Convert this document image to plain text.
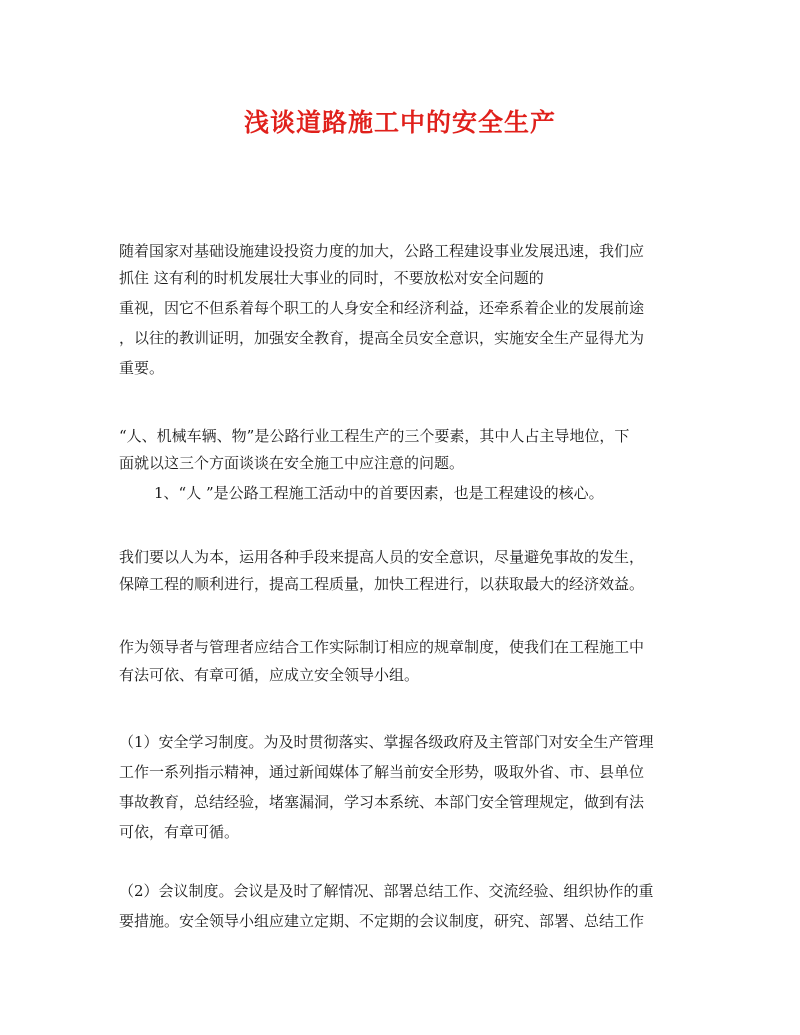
浅谈道路施工中的安全生产

随着国家对基础设施建设投资力度的加大，公路工程建设事业发展迅速，我们应

抓住 这有利的时机发展壮大事业的同时，不要放松对安全问题的

重视，因它不但系着每个职工的人身安全和经济利益，还牵系着企业的发展前途

，以往的教训证明，加强安全教育，提高全员安全意识，实施安全生产显得尤为

重要。

“人、机械车辆、物”是公路行业工程生产的三个要素，其中人占主导地位，下

面就以这三个方面谈谈在安全施工中应注意的问题。

1、“人 ”是公路工程施工活动中的首要因素，也是工程建设的核心。

我们要以人为本，运用各种手段来提高人员的安全意识，尽量避免事故的发生，

保障工程的顺利进行，提高工程质量，加快工程进行，以获取最大的经济效益。

作为领导者与管理者应结合工作实际制订相应的规章制度，使我们在工程施工中

有法可依、有章可循，应成立安全领导小组。

（1）安全学习制度。为及时贯彻落实、掌握各级政府及主管部门对安全生产管理

工作一系列指示精神，通过新闻媒体了解当前安全形势，吸取外省、市、县单位

事故教育，总结经验，堵塞漏洞，学习本系统、本部门安全管理规定，做到有法

可依，有章可循。

（2）会议制度。会议是及时了解情况、部署总结工作、交流经验、组织协作的重

要措施。安全领导小组应建立定期、不定期的会议制度，研究、部署、总结工作
